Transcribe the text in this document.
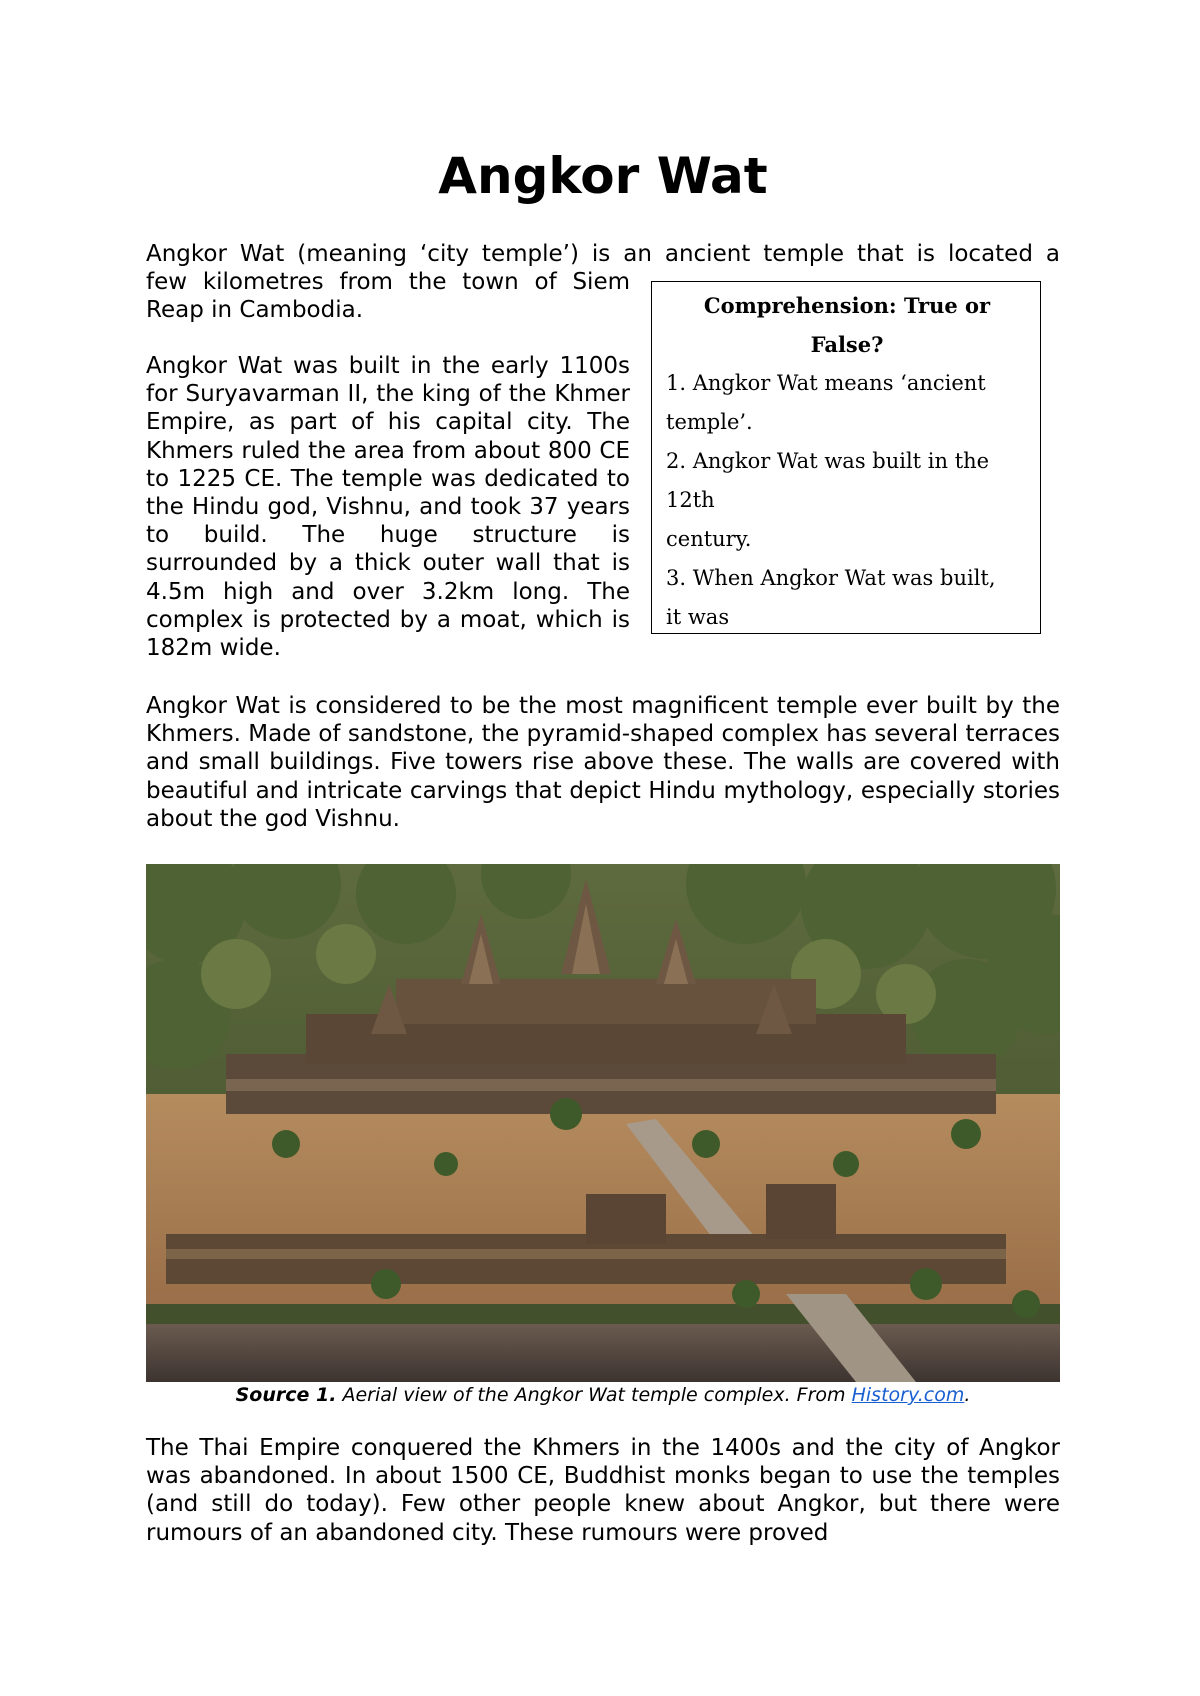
Angkor Wat

Angkor Wat (meaning ‘city temple’) is an ancient temple that is located a

few kilometres from the town of Siem Reap in Cambodia.

Angkor Wat was built in the early 1100s for Suryavarman II, the king of the Khmer Empire, as part of his capital city. The Khmers ruled the area from about 800 CE to 1225 CE. The temple was dedicated to the Hindu god, Vishnu, and took 37 years to build. The huge structure is surrounded by a thick outer wall that is 4.5m high and over 3.2km long. The complex is protected by a moat, which is 182m wide.

Comprehension: True or
False?
1. Angkor Wat means ‘ancient
temple’.
2. Angkor Wat was built in the
12th
century.
3. When Angkor Wat was built,
it was

Angkor Wat is considered to be the most magnificent temple ever built by the Khmers. Made of sandstone, the pyramid-shaped complex has several terraces and small buildings. Five towers rise above these. The walls are covered with beautiful and intricate carvings that depict Hindu mythology, especially stories about the god Vishnu.

Source 1. Aerial view of the Angkor Wat temple complex. From History.com.

The Thai Empire conquered the Khmers in the 1400s and the city of Angkor was abandoned. In about 1500 CE, Buddhist monks began to use the temples (and still do today). Few other people knew about Angkor, but there were rumours of an abandoned city. These rumours were proved
